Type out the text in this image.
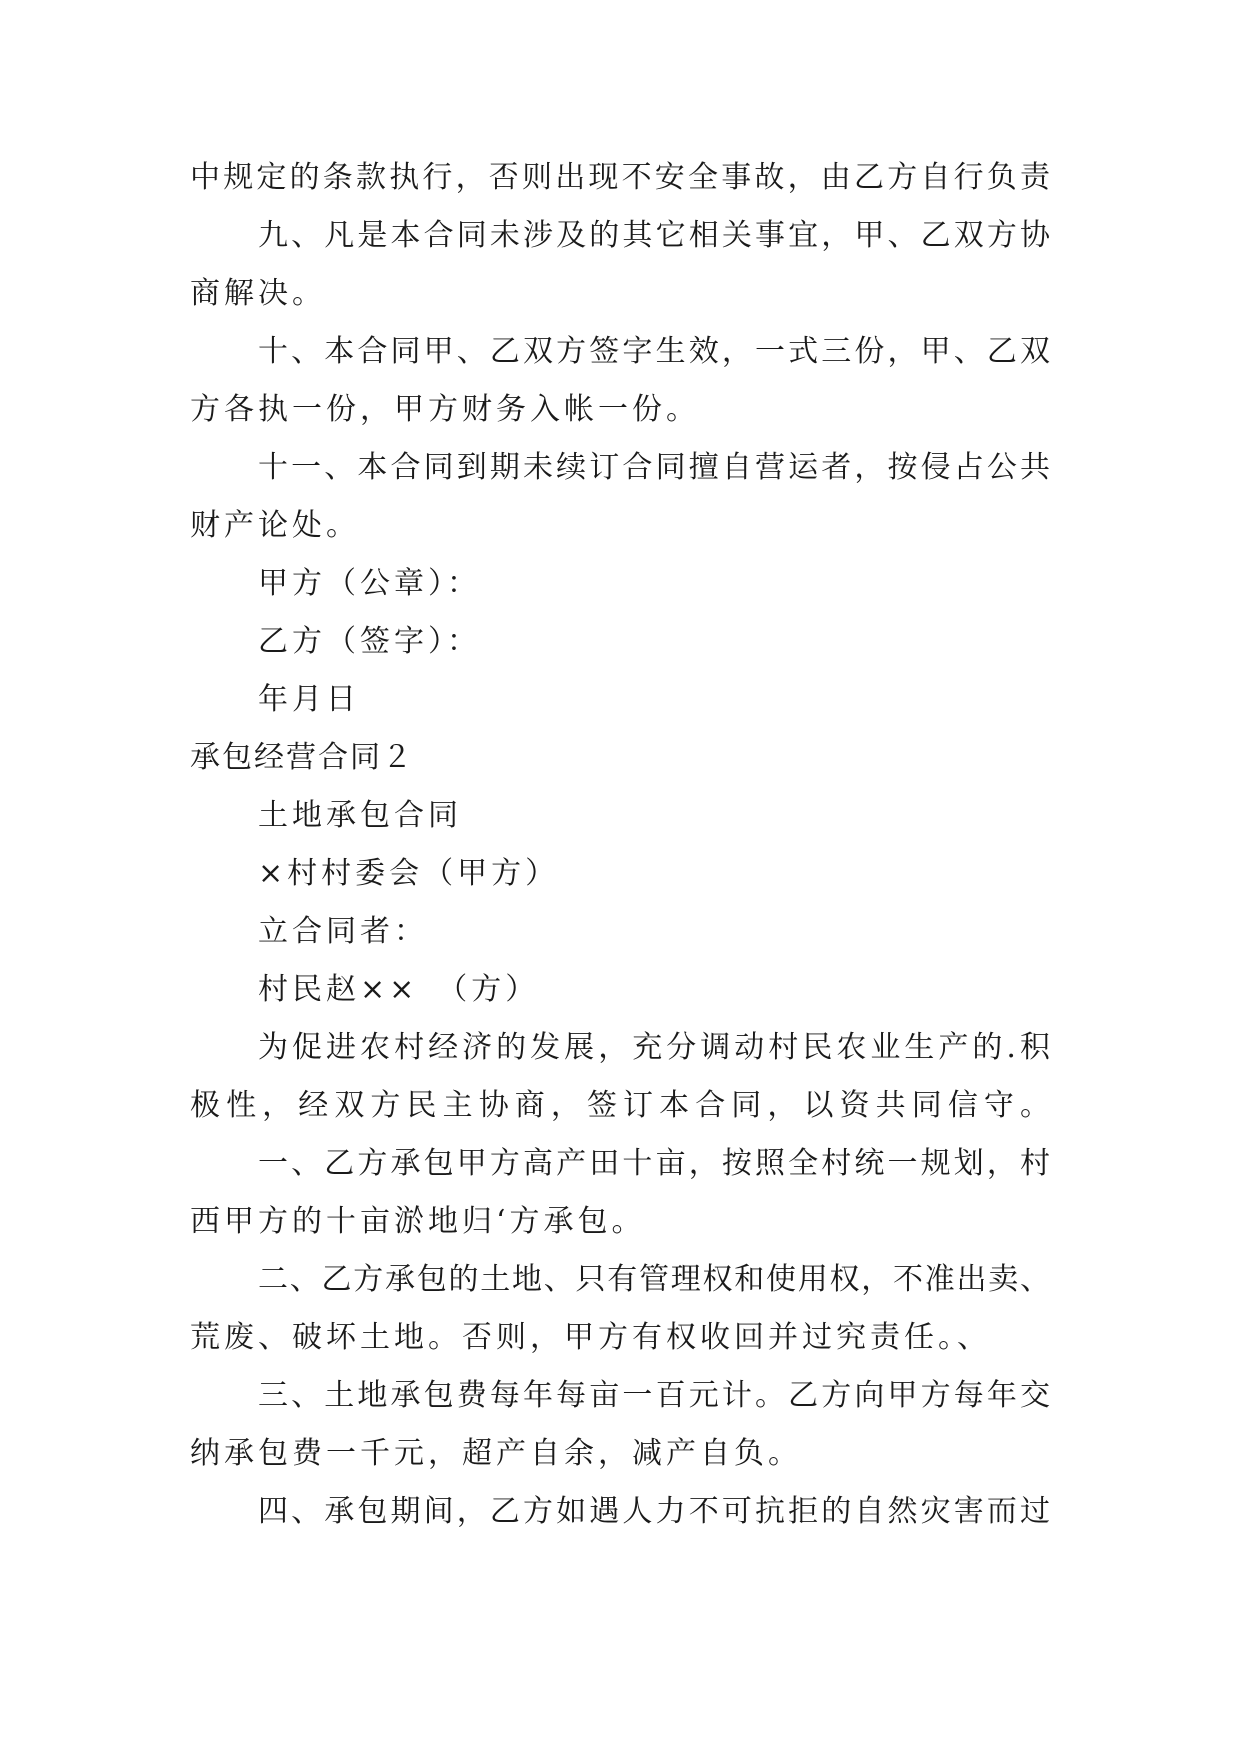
中规定的条款执行，否则出现不安全事故，由乙方自行负责
九、凡是本合同未涉及的其它相关事宜，甲、乙双方协
商解决。
十、本合同甲、乙双方签字生效，一式三份，甲、乙双
方各执一份，甲方财务入帐一份。
十一、本合同到期未续订合同擅自营运者，按侵占公共
财产论处。
甲方（公章）：
乙方（签字）：
年月日
承包经营合同２
土地承包合同
×村村委会（甲方）
立合同者：
村民赵××　（方）
为促进农村经济的发展，充分调动村民农业生产的.积
极性，经双方民主协商，签订本合同，以资共同信守。
一、乙方承包甲方高产田十亩，按照全村统一规划，村
西甲方的十亩淤地归‘方承包。
二、乙方承包的土地、只有管理权和使用权，不准出卖、
荒废、破坏土地。否则，甲方有权收回并过究责任。、
三、土地承包费每年每亩一百元计。乙方向甲方每年交
纳承包费一千元，超产自余，减产自负。
四、承包期间，乙方如遇人力不可抗拒的自然灾害而过
